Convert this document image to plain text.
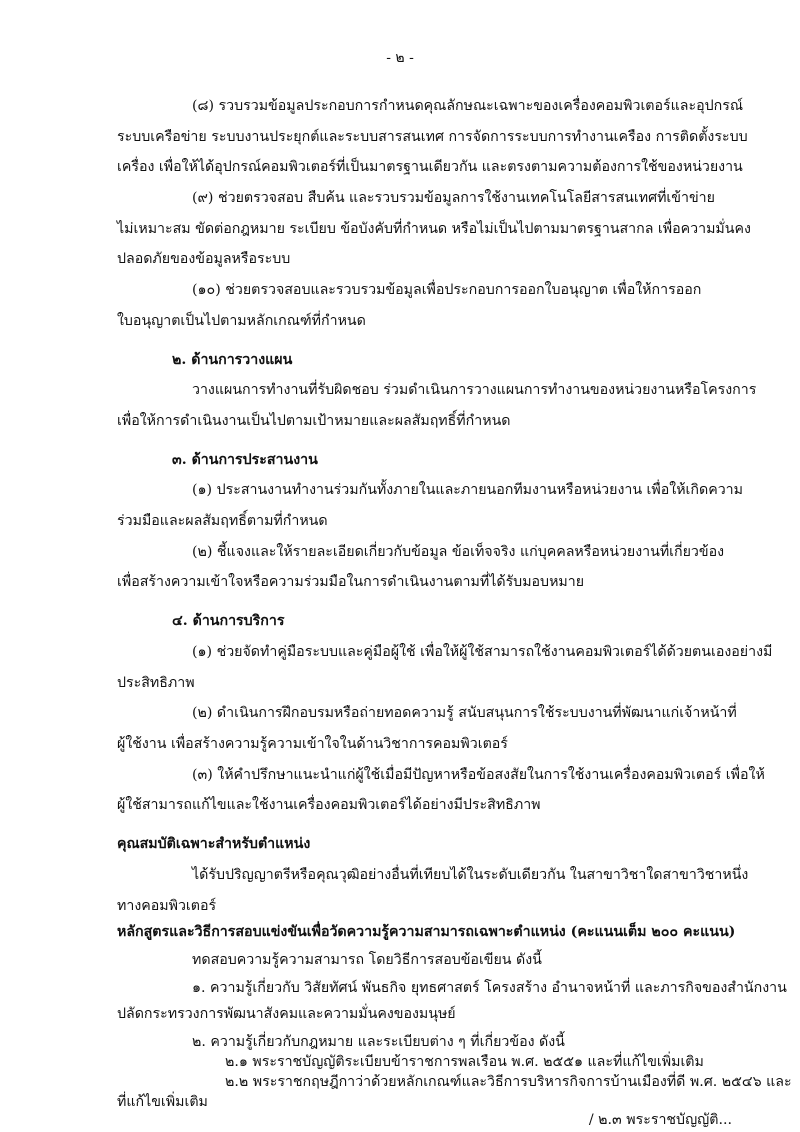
- ๒ -
(๘) รวบรวมข้อมูลประกอบการกำหนดคุณลักษณะเฉพาะของเครื่องคอมพิวเตอร์และอุปกรณ์
ระบบเครือข่าย ระบบงานประยุกต์และระบบสารสนเทศ การจัดการระบบการทำงานเครือง การติดตั้งระบบ
เครื่อง เพื่อให้ได้อุปกรณ์คอมพิวเตอร์ที่เป็นมาตรฐานเดียวกัน และตรงตามความต้องการใช้ของหน่วยงาน
(๙) ช่วยตรวจสอบ สืบค้น และรวบรวมข้อมูลการใช้งานเทคโนโลยีสารสนเทศที่เข้าข่าย
ไม่เหมาะสม ขัดต่อกฎหมาย ระเบียบ ข้อบังคับที่กำหนด หรือไม่เป็นไปตามมาตรฐานสากล เพื่อความมั่นคง
ปลอดภัยของข้อมูลหรือระบบ
(๑๐) ช่วยตรวจสอบและรวบรวมข้อมูลเพื่อประกอบการออกใบอนุญาต เพื่อให้การออก
ใบอนุญาตเป็นไปตามหลักเกณฑ์ที่กำหนด
๒. ด้านการวางแผน
วางแผนการทำงานที่รับผิดชอบ ร่วมดำเนินการวางแผนการทำงานของหน่วยงานหรือโครงการ
เพื่อให้การดำเนินงานเป็นไปตามเป้าหมายและผลสัมฤทธิ์ที่กำหนด
๓. ด้านการประสานงาน
(๑) ประสานงานทำงานร่วมกันทั้งภายในและภายนอกทีมงานหรือหน่วยงาน เพื่อให้เกิดความ
ร่วมมือและผลสัมฤทธิ์ตามที่กำหนด
(๒) ชี้แจงและให้รายละเอียดเกี่ยวกับข้อมูล ข้อเท็จจริง แก่บุคคลหรือหน่วยงานที่เกี่ยวข้อง
เพื่อสร้างความเข้าใจหรือความร่วมมือในการดำเนินงานตามที่ได้รับมอบหมาย
๔. ด้านการบริการ
(๑) ช่วยจัดทำคู่มือระบบและคู่มือผู้ใช้ เพื่อให้ผู้ใช้สามารถใช้งานคอมพิวเตอร์ได้ด้วยตนเองอย่างมี
ประสิทธิภาพ
(๒) ดำเนินการฝึกอบรมหรือถ่ายทอดความรู้ สนับสนุนการใช้ระบบงานที่พัฒนาแก่เจ้าหน้าที่
ผู้ใช้งาน เพื่อสร้างความรู้ความเข้าใจในด้านวิชาการคอมพิวเตอร์
(๓) ให้คำปรึกษาแนะนำแก่ผู้ใช้เมื่อมีปัญหาหรือข้อสงสัยในการใช้งานเครื่องคอมพิวเตอร์ เพื่อให้
ผู้ใช้สามารถแก้ไขและใช้งานเครื่องคอมพิวเตอร์ได้อย่างมีประสิทธิภาพ
คุณสมบัติเฉพาะสำหรับตำแหน่ง
ได้รับปริญญาตรีหรือคุณวุฒิอย่างอื่นที่เทียบได้ในระดับเดียวกัน ในสาขาวิชาใดสาขาวิชาหนึ่ง
ทางคอมพิวเตอร์
หลักสูตรและวิธีการสอบแข่งขันเพื่อวัดความรู้ความสามารถเฉพาะตำแหน่ง (คะแนนเต็ม ๒๐๐ คะแนน)
ทดสอบความรู้ความสามารถ โดยวิธีการสอบข้อเขียน ดังนี้
๑. ความรู้เกี่ยวกับ วิสัยทัศน์ พันธกิจ ยุทธศาสตร์ โครงสร้าง อำนาจหน้าที่ และภารกิจของสำนักงาน
ปลัดกระทรวงการพัฒนาสังคมและความมั่นคงของมนุษย์
๒. ความรู้เกี่ยวกับกฎหมาย และระเบียบต่าง ๆ ที่เกี่ยวข้อง ดังนี้
๒.๑ พระราชบัญญัติระเบียบข้าราชการพลเรือน พ.ศ. ๒๕๕๑ และที่แก้ไขเพิ่มเติม
๒.๒ พระราชกฤษฎีกาว่าด้วยหลักเกณฑ์และวิธีการบริหารกิจการบ้านเมืองที่ดี พ.ศ. ๒๕๔๖ และ
ที่แก้ไขเพิ่มเติม
/ ๒.๓ พระราชบัญญัติ...
